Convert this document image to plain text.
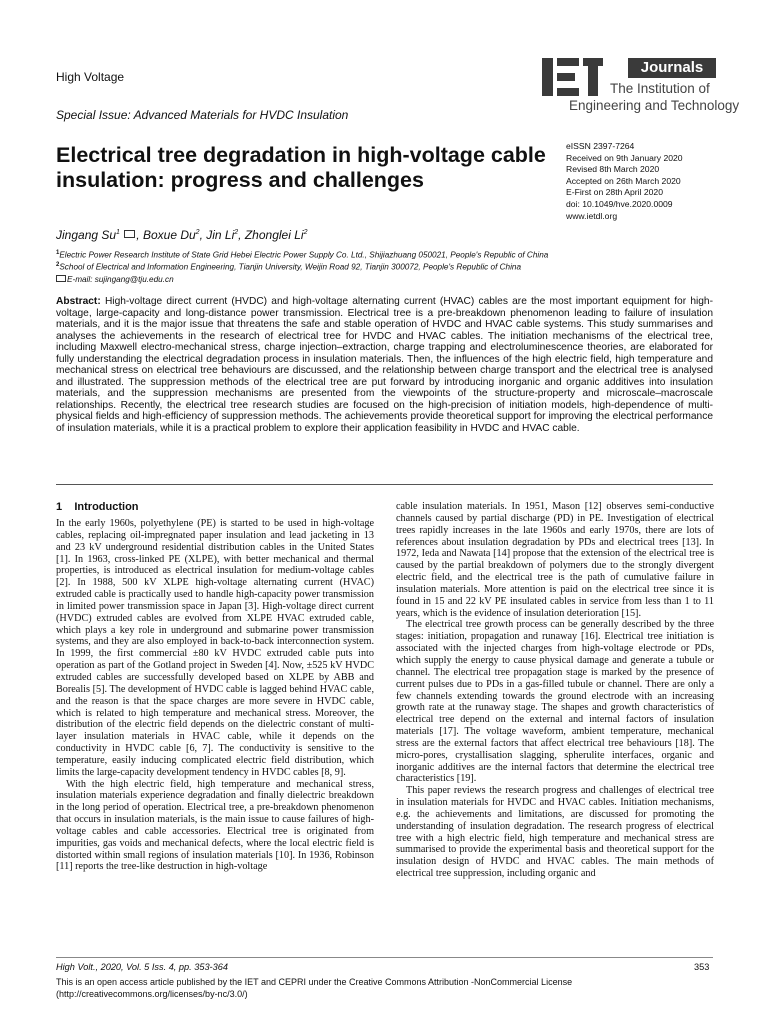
High Voltage
Special Issue: Advanced Materials for HVDC Insulation
Journals
The Institution of
Engineering and Technology
Electrical tree degradation in high-voltage cable insulation: progress and challenges
eISSN 2397-7264
Received on 9th January 2020
Revised 8th March 2020
Accepted on 26th March 2020
E-First on 28th April 2020
doi: 10.1049/hve.2020.0009
www.ietdl.org
Jingang Su$^1$ , Boxue Du$^2$, Jin Li$^2$, Zhonglei Li$^2$
$^1$Electric Power Research Institute of State Grid Hebei Electric Power Supply Co. Ltd., Shijiazhuang 050021, People's Republic of China
$^2$School of Electrical and Information Engineering, Tianjin University, Weijin Road 92, Tianjin 300072, People's Republic of China
E-mail: sujingang@tju.edu.cn
Abstract: High-voltage direct current (HVDC) and high-voltage alternating current (HVAC) cables are the most important equipment for high-voltage, large-capacity and long-distance power transmission. Electrical tree is a pre-breakdown phenomenon leading to failure of insulation materials, and it is the major issue that threatens the safe and stable operation of HVDC and HVAC cable systems. This study summarises and analyses the achievements in the research of electrical tree for HVDC and HVAC cables. The initiation mechanisms of the electrical tree, including Maxwell electro-mechanical stress, charge injection–extraction, charge trapping and electroluminescence theories, are elaborated for fully understanding the electrical degradation process in insulation materials. Then, the influences of the high electric field, high temperature and mechanical stress on electrical tree behaviours are discussed, and the relationship between charge transport and the electrical tree is analysed and illustrated. The suppression methods of the electrical tree are put forward by introducing inorganic and organic additives into insulation materials, and the suppression mechanisms are presented from the viewpoints of the structure-property and microscale–macroscale relationships. Recently, the electrical tree research studies are focused on the high-precision of initiation models, high-dependence of multi-physical fields and high-efficiency of suppression methods. The achievements provide theoretical support for improving the electrical performance of insulation materials, while it is a practical problem to explore their application feasibility in HVDC and HVAC cable.
1 Introduction

In the early 1960s, polyethylene (PE) is started to be used in high-voltage cables, replacing oil-impregnated paper insulation and lead jacketing in 13 and 23 kV underground residential distribution cables in the United States [1]. In 1963, cross-linked PE (XLPE), with better mechanical and thermal properties, is introduced as electrical insulation for medium-voltage cables [2]. In 1988, 500 kV XLPE high-voltage alternating current (HVAC) extruded cable is practically used to handle high-capacity power transmission in limited power transmission space in Japan [3]. High-voltage direct current (HVDC) extruded cables are evolved from XLPE HVAC extruded cable, which plays a key role in underground and submarine power transmission systems, and they are also employed in back-to-back interconnection system. In 1999, the first commercial ±80 kV HVDC extruded cable puts into operation as part of the Gotland project in Sweden [4]. Now, ±525 kV HVDC extruded cables are successfully developed based on XLPE by ABB and Borealis [5]. The development of HVDC cable is lagged behind HVAC cable, and the reason is that the space charges are more severe in HVDC cable, which is related to high temperature and mechanical stress. Moreover, the distribution of the electric field depends on the dielectric constant of multi-layer insulation materials in HVAC cable, while it depends on the conductivity in HVDC cable [6, 7]. The conductivity is sensitive to the temperature, easily inducing complicated electric field distribution, which limits the large-capacity development tendency in HVDC cables [8, 9].

With the high electric field, high temperature and mechanical stress, insulation materials experience degradation and finally dielectric breakdown in the long period of operation. Electrical tree, a pre-breakdown phenomenon that occurs in insulation materials, is the main issue to cause failures of high-voltage cables and cable accessories. Electrical tree is originated from impurities, gas voids and mechanical defects, where the local electric field is distorted within small regions of insulation materials [10]. In 1936, Robinson [11] reports the tree-like destruction in high-voltage

cable insulation materials. In 1951, Mason [12] observes semi-conductive channels caused by partial discharge (PD) in PE. Investigation of electrical trees rapidly increases in the late 1960s and early 1970s, there are lots of references about insulation degradation by PDs and electrical trees [13]. In 1972, Ieda and Nawata [14] propose that the extension of the electrical tree is caused by the partial breakdown of polymers due to the strongly divergent electric field, and the electrical tree is the path of cumulative failure in insulation materials. More attention is paid on the electrical tree since it is found in 15 and 22 kV PE insulated cables in service from less than 1 to 11 years, which is the evidence of insulation deterioration [15].

The electrical tree growth process can be generally described by the three stages: initiation, propagation and runaway [16]. Electrical tree initiation is associated with the injected charges from high-voltage electrode or PDs, which supply the energy to cause physical damage and generate a tubule or channel. The electrical tree propagation stage is marked by the presence of current pulses due to PDs in a gas-filled tubule or channel. There are only a few channels extending towards the ground electrode with an increasing growth rate at the runaway stage. The shapes and growth characteristics of electrical tree depend on the external and internal factors of insulation materials [17]. The voltage waveform, ambient temperature, mechanical stress are the external factors that affect electrical tree behaviours [18]. The micro-pores, crystallisation slagging, spherulite interfaces, organic and inorganic additives are the internal factors that determine the electrical tree characteristics [19].

This paper reviews the research progress and challenges of electrical tree in insulation materials for HVDC and HVAC cables. Initiation mechanisms, e.g. the achievements and limitations, are discussed for promoting the understanding of insulation degradation. The research progress of electrical tree with a high electric field, high temperature and mechanical stress are summarised to provide the experimental basis and theoretical support for the insulation design of HVDC and HVAC cables. The main methods of electrical tree suppression, including organic and

High Volt., 2020, Vol. 5 Iss. 4, pp. 353-364	353
This is an open access article published by the IET and CEPRI under the Creative Commons Attribution -NonCommercial License
(http://creativecommons.org/licenses/by-nc/3.0/)
